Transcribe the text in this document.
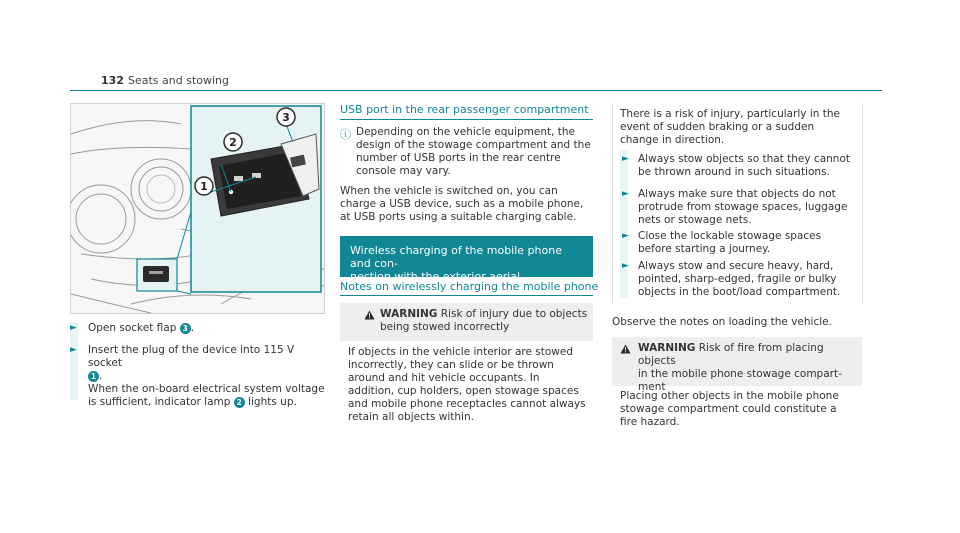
132 Seats and stowing
3
2
1
► Open socket flap 3 .
► Insert the plug of the device into 115 V socket
1 .
When the on-board electrical system voltage is sufficient, indicator lamp 2 lights up.
USB port in the rear passenger compartment
ⓘ Depending on the vehicle equipment, the design of the stowage compartment and the number of USB ports in the rear centre console may vary.
When the vehicle is switched on, you can charge a USB device, such as a mobile phone, at USB ports using a suitable charging cable.
Wireless charging of the mobile phone and con-
nection with the exterior aerial
Notes on wirelessly charging the mobile phone
WARNING Risk of injury due to objects
being stowed incorrectly
If objects in the vehicle interior are stowed incorrectly, they can slide or be thrown around and hit vehicle occupants. In addition, cup holders, open stowage spaces and mobile phone receptacles cannot always retain all objects within.
There is a risk of injury, particularly in the event of sudden braking or a sudden change in direction.
► Always stow objects so that they cannot be thrown around in such situations.
► Always make sure that objects do not protrude from stowage spaces, luggage nets or stowage nets.
► Close the lockable stowage spaces before starting a journey.
► Always stow and secure heavy, hard, pointed, sharp-edged, fragile or bulky objects in the boot/load compartment.
Observe the notes on loading the vehicle.
WARNING Risk of fire from placing objects
in the mobile phone stowage compart-
ment
Placing other objects in the mobile phone stowage compartment could constitute a fire hazard.
